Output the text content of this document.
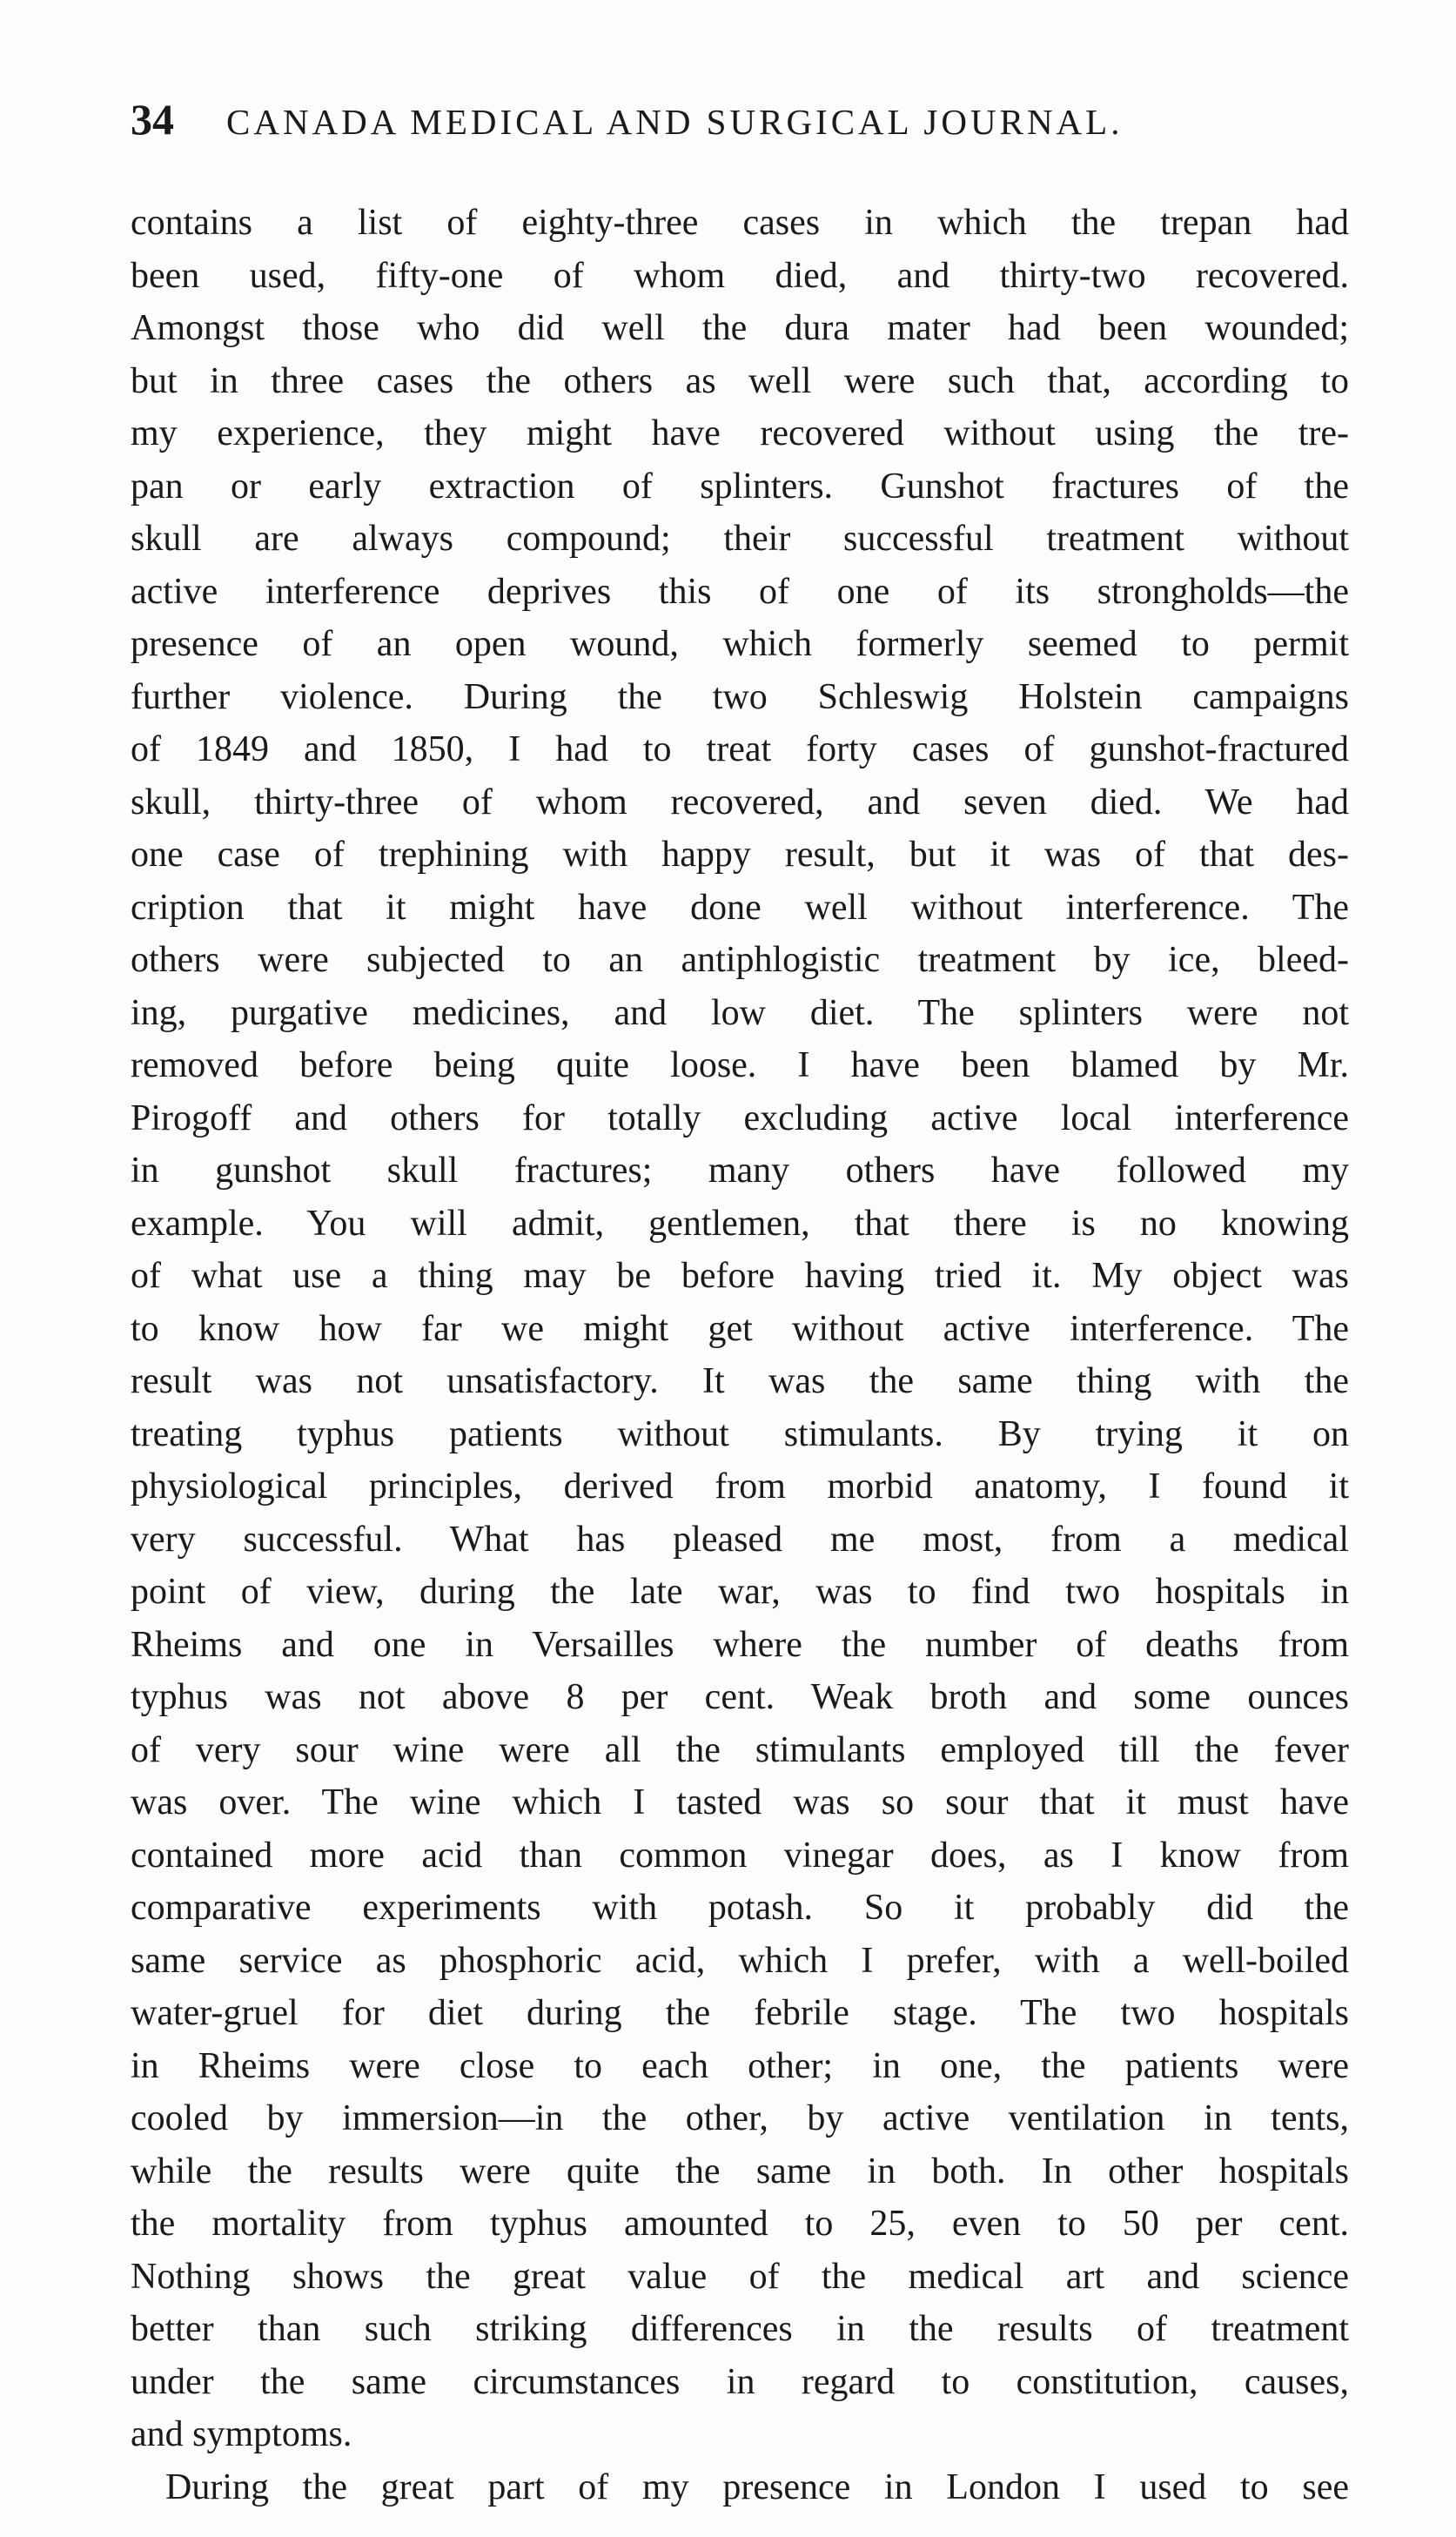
34 CANADA MEDICAL AND SURGICAL JOURNAL.
contains a list of eighty-three cases in which the trepan had
been used, fifty-one of whom died, and thirty-two recovered.
Amongst those who did well the dura mater had been wounded;
but in three cases the others as well were such that, according to
my experience, they might have recovered without using the tre-
pan or early extraction of splinters. Gunshot fractures of the
skull are always compound; their successful treatment without
active interference deprives this of one of its strongholds—the
presence of an open wound, which formerly seemed to permit
further violence. During the two Schleswig Holstein campaigns
of 1849 and 1850, I had to treat forty cases of gunshot-fractured
skull, thirty-three of whom recovered, and seven died. We had
one case of trephining with happy result, but it was of that des-
cription that it might have done well without interference. The
others were subjected to an antiphlogistic treatment by ice, bleed-
ing, purgative medicines, and low diet. The splinters were not
removed before being quite loose. I have been blamed by Mr.
Pirogoff and others for totally excluding active local interference
in gunshot skull fractures; many others have followed my
example. You will admit, gentlemen, that there is no knowing
of what use a thing may be before having tried it. My object was
to know how far we might get without active interference. The
result was not unsatisfactory. It was the same thing with the
treating typhus patients without stimulants. By trying it on
physiological principles, derived from morbid anatomy, I found it
very successful. What has pleased me most, from a medical
point of view, during the late war, was to find two hospitals in
Rheims and one in Versailles where the number of deaths from
typhus was not above 8 per cent. Weak broth and some ounces
of very sour wine were all the stimulants employed till the fever
was over. The wine which I tasted was so sour that it must have
contained more acid than common vinegar does, as I know from
comparative experiments with potash. So it probably did the
same service as phosphoric acid, which I prefer, with a well-boiled
water-gruel for diet during the febrile stage. The two hospitals
in Rheims were close to each other; in one, the patients were
cooled by immersion—in the other, by active ventilation in tents,
while the results were quite the same in both. In other hospitals
the mortality from typhus amounted to 25, even to 50 per cent.
Nothing shows the great value of the medical art and science
better than such striking differences in the results of treatment
under the same circumstances in regard to constitution, causes,
and symptoms.
During the great part of my presence in London I used to see
